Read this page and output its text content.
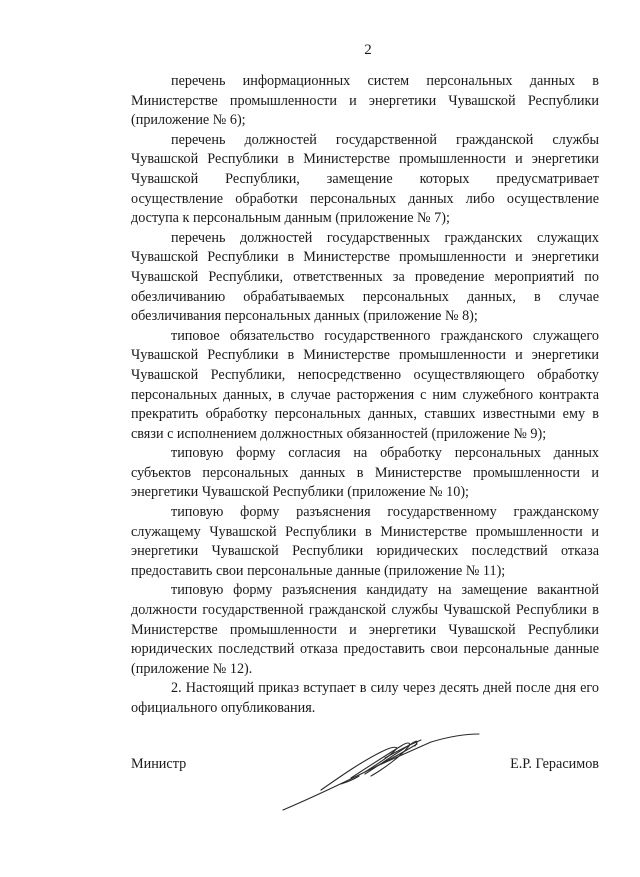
2

перечень информационных систем персональных данных в Министерстве промышленности и энергетики Чувашской Республики (приложение № 6);

перечень должностей государственной гражданской службы Чувашской Республики в Министерстве промышленности и энергетики Чувашской Республики, замещение которых предусматривает осуществление обработки персональных данных либо осуществление доступа к персональным данным (приложение № 7);

перечень должностей государственных гражданских служащих Чувашской Республики в Министерстве промышленности и энергетики Чувашской Республики, ответственных за проведение мероприятий по обезличиванию обрабатываемых персональных данных, в случае обезличивания персональных данных (приложение № 8);

типовое обязательство государственного гражданского служащего Чувашской Республики в Министерстве промышленности и энергетики Чувашской Республики, непосредственно осуществляющего обработку персональных данных, в случае расторжения с ним служебного контракта прекратить обработку персональных данных, ставших известными ему в связи с исполнением должностных обязанностей (приложение № 9);

типовую форму согласия на обработку персональных данных субъектов персональных данных в Министерстве промышленности и энергетики Чувашской Республики (приложение № 10);

типовую форму разъяснения государственному гражданскому служащему Чувашской Республики в Министерстве промышленности и энергетики Чувашской Республики юридических последствий отказа предоставить свои персональные данные (приложение № 11);

типовую форму разъяснения кандидату на замещение вакантной должности государственной гражданской службы Чувашской Республики в Министерстве промышленности и энергетики Чувашской Республики юридических последствий отказа предоставить свои персональные данные (приложение № 12).

2. Настоящий приказ вступает в силу через десять дней после дня его официального опубликования.

Министр	Е.Р. Герасимов
